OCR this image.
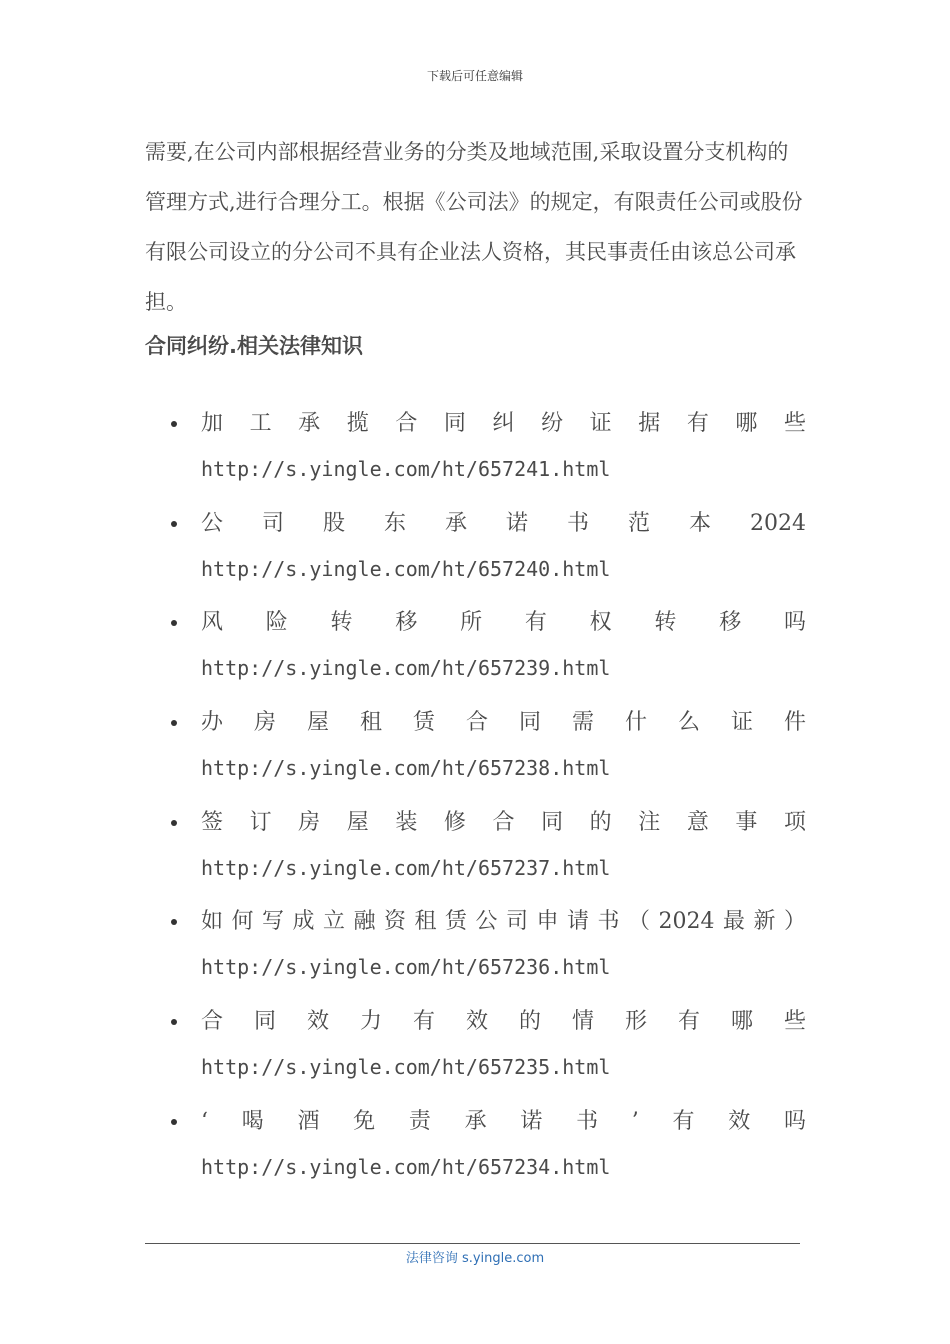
下载后可任意编辑

需要,在公司内部根据经营业务的分类及地域范围,采取设置分支机构的管理方式,进行合理分工。根据《公司法》的规定，有限责任公司或股份有限公司设立的分公司不具有企业法人资格，其民事责任由该总公司承担。

合同纠纷.相关法律知识
加工承揽合同纠纷证据有哪些
http://s.yingle.com/ht/657241.html
公司股东承诺书范本2024
http://s.yingle.com/ht/657240.html
风险转移所有权转移吗
http://s.yingle.com/ht/657239.html
办房屋租赁合同需什么证件
http://s.yingle.com/ht/657238.html
签订房屋装修合同的注意事项
http://s.yingle.com/ht/657237.html
如何写成立融资租赁公司申请书（2024最新）
http://s.yingle.com/ht/657236.html
合同效力有效的情形有哪些
http://s.yingle.com/ht/657235.html
‘喝酒免责承诺书’有效吗
http://s.yingle.com/ht/657234.html
法律咨询 s.yingle.com
